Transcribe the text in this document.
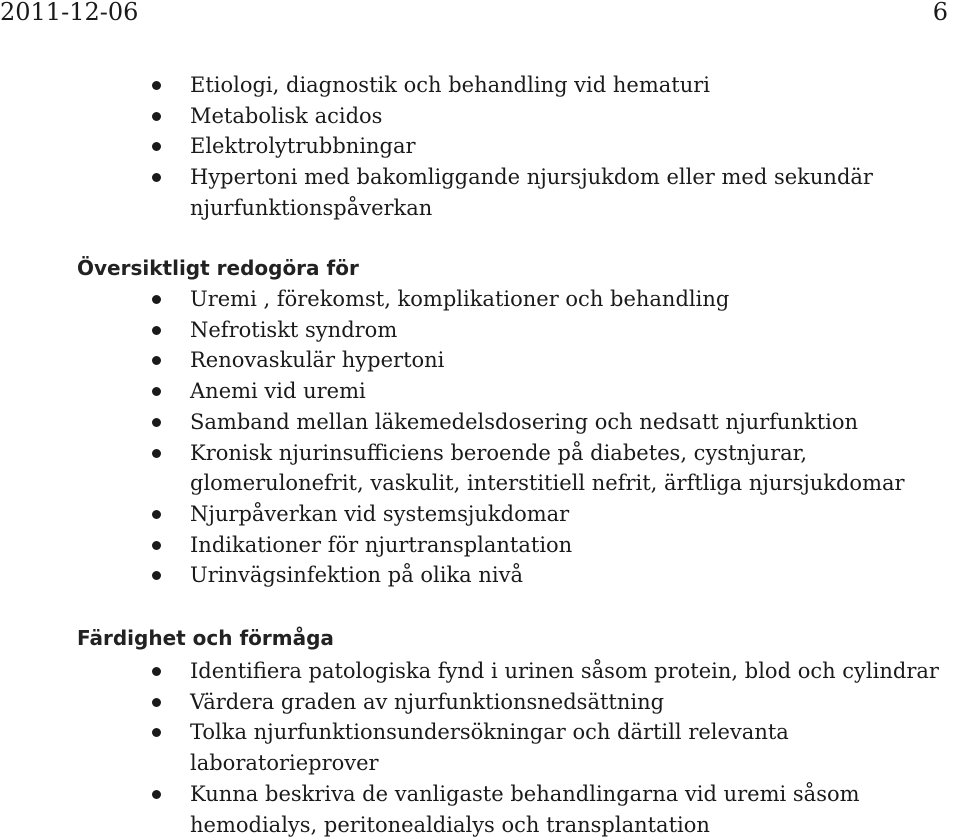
2011-12-06	6
Etiologi, diagnostik och behandling vid hematuri
Metabolisk acidos
Elektrolytrubbningar
Hypertoni med bakomliggande njursjukdom eller med sekundär
njurfunktionspåverkan
Översiktligt redogöra för
Uremi , förekomst, komplikationer och behandling
Nefrotiskt syndrom
Renovaskulär hypertoni
Anemi vid uremi
Samband mellan läkemedelsdosering och nedsatt njurfunktion
Kronisk njurinsufficiens beroende på diabetes, cystnjurar,
glomerulonefrit, vaskulit, interstitiell nefrit, ärftliga njursjukdomar
Njurpåverkan vid systemsjukdomar
Indikationer för njurtransplantation
Urinvägsinfektion på olika nivå
Färdighet och förmåga
Identifiera patologiska fynd i urinen såsom protein, blod och cylindrar
Värdera graden av njurfunktionsnedsättning
Tolka njurfunktionsundersökningar och därtill relevanta
laboratorieprover
Kunna beskriva de vanligaste behandlingarna vid uremi såsom
hemodialys, peritonealdialys och transplantation
